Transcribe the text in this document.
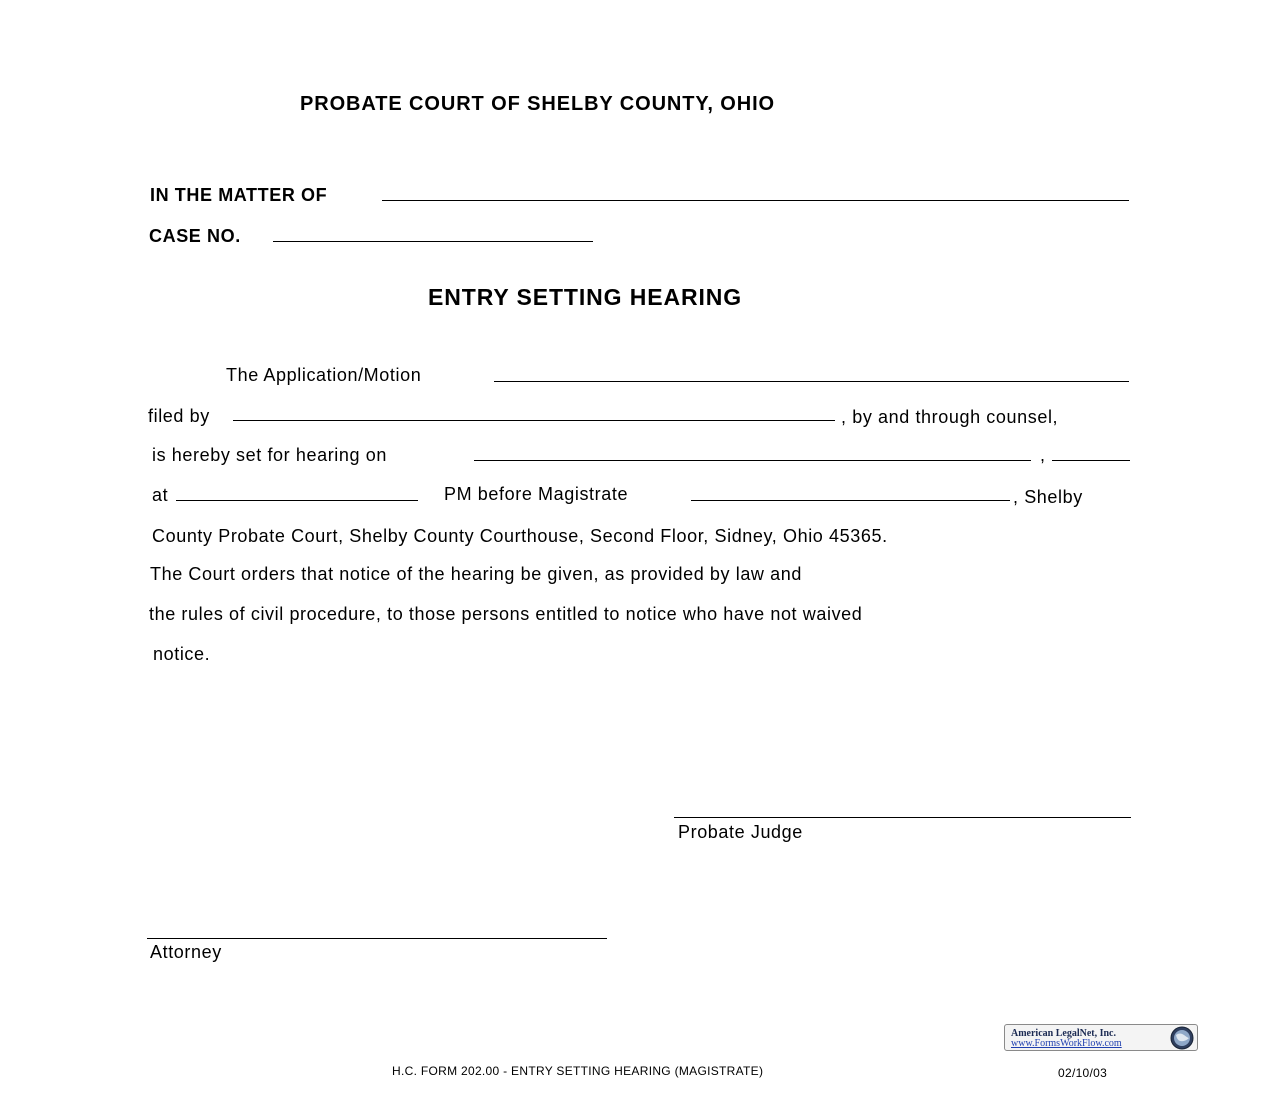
PROBATE COURT OF SHELBY COUNTY, OHIO
IN THE MATTER OF
CASE NO.
ENTRY SETTING HEARING
The Application/Motion
filed by	, by and through counsel,
is hereby set for hearing on	,
at	PM before Magistrate	, Shelby
County Probate Court, Shelby County Courthouse, Second Floor, Sidney, Ohio 45365.
The Court orders that notice of the hearing be given, as provided by law and
the rules of civil procedure, to those persons entitled to notice who have not waived
notice.
Probate Judge
Attorney
American LegalNet, Inc.
www.FormsWorkFlow.com
H.C. FORM 202.00 - ENTRY SETTING HEARING (MAGISTRATE)	02/10/03
